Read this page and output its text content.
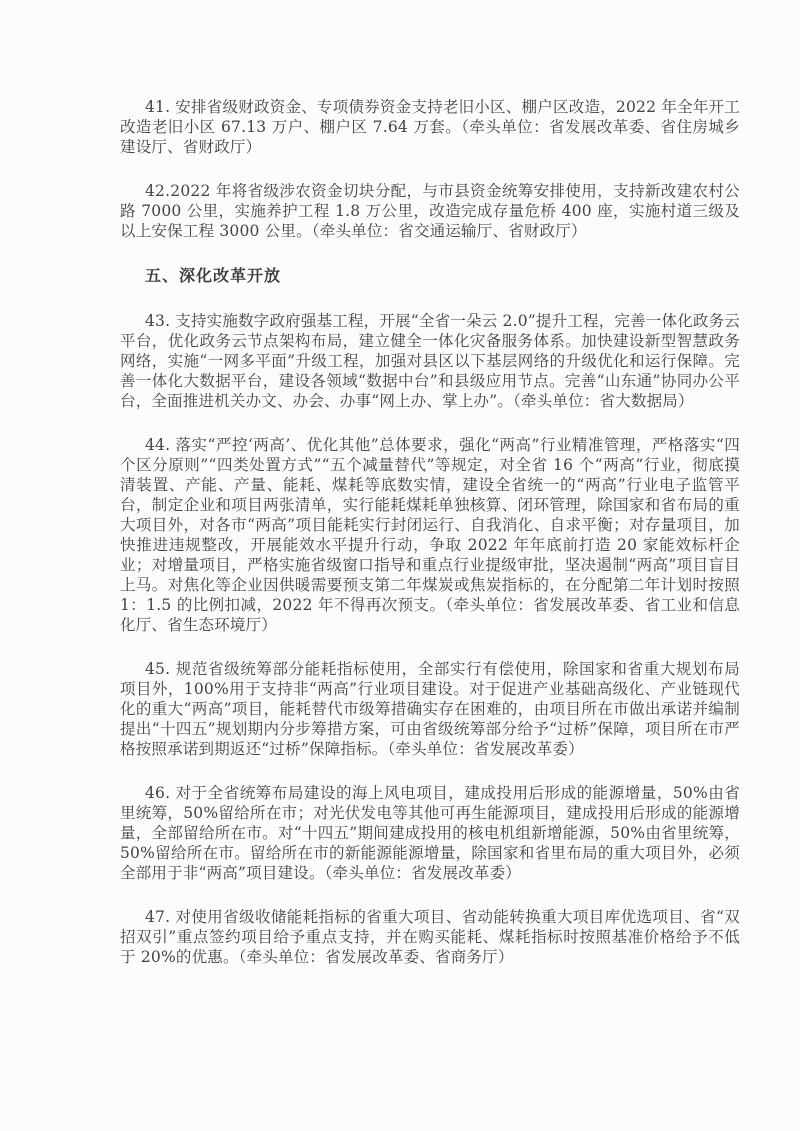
41. 安排省级财政资金、专项债券资金支持老旧小区、棚户区改造，2022 年全年开工改造老旧小区 67.13 万户、棚户区 7.64 万套。（牵头单位：省发展改革委、省住房城乡建设厅、省财政厅）

42.2022 年将省级涉农资金切块分配，与市县资金统筹安排使用，支持新改建农村公路 7000 公里，实施养护工程 1.8 万公里，改造完成存量危桥 400 座，实施村道三级及以上安保工程 3000 公里。（牵头单位：省交通运输厅、省财政厅）

五、深化改革开放

43. 支持实施数字政府强基工程，开展“全省一朵云 2.0”提升工程，完善一体化政务云平台，优化政务云节点架构布局，建立健全一体化灾备服务体系。加快建设新型智慧政务网络，实施“一网多平面”升级工程，加强对县区以下基层网络的升级优化和运行保障。完善一体化大数据平台，建设各领域“数据中台”和县级应用节点。完善“山东通”协同办公平台，全面推进机关办文、办会、办事“网上办、掌上办”。（牵头单位：省大数据局）

44. 落实“严控‘两高’、优化其他”总体要求，强化“两高”行业精准管理，严格落实“四个区分原则”“四类处置方式”“五个减量替代”等规定，对全省 16 个“两高”行业，彻底摸清装置、产能、产量、能耗、煤耗等底数实情，建设全省统一的“两高”行业电子监管平台，制定企业和项目两张清单，实行能耗煤耗单独核算、闭环管理，除国家和省布局的重大项目外，对各市“两高”项目能耗实行封闭运行、自我消化、自求平衡；对存量项目，加快推进违规整改，开展能效水平提升行动，争取 2022 年年底前打造 20 家能效标杆企业；对增量项目，严格实施省级窗口指导和重点行业提级审批，坚决遏制“两高”项目盲目上马。对焦化等企业因供暖需要预支第二年煤炭或焦炭指标的，在分配第二年计划时按照 1：1.5 的比例扣减，2022 年不得再次预支。（牵头单位：省发展改革委、省工业和信息化厅、省生态环境厅）

45. 规范省级统筹部分能耗指标使用，全部实行有偿使用，除国家和省重大规划布局项目外，100%用于支持非“两高”行业项目建设。对于促进产业基础高级化、产业链现代化的重大“两高”项目，能耗替代市级筹措确实存在困难的，由项目所在市做出承诺并编制提出“十四五”规划期内分步筹措方案，可由省级统筹部分给予“过桥”保障，项目所在市严格按照承诺到期返还“过桥”保障指标。（牵头单位：省发展改革委）

46. 对于全省统筹布局建设的海上风电项目，建成投用后形成的能源增量，50%由省里统筹，50%留给所在市；对光伏发电等其他可再生能源项目，建成投用后形成的能源增量，全部留给所在市。对“十四五”期间建成投用的核电机组新增能源，50%由省里统筹，50%留给所在市。留给所在市的新能源能源增量，除国家和省里布局的重大项目外，必须全部用于非“两高”项目建设。（牵头单位：省发展改革委）

47. 对使用省级收储能耗指标的省重大项目、省动能转换重大项目库优选项目、省“双招双引”重点签约项目给予重点支持，并在购买能耗、煤耗指标时按照基准价格给予不低于 20%的优惠。（牵头单位：省发展改革委、省商务厅）
